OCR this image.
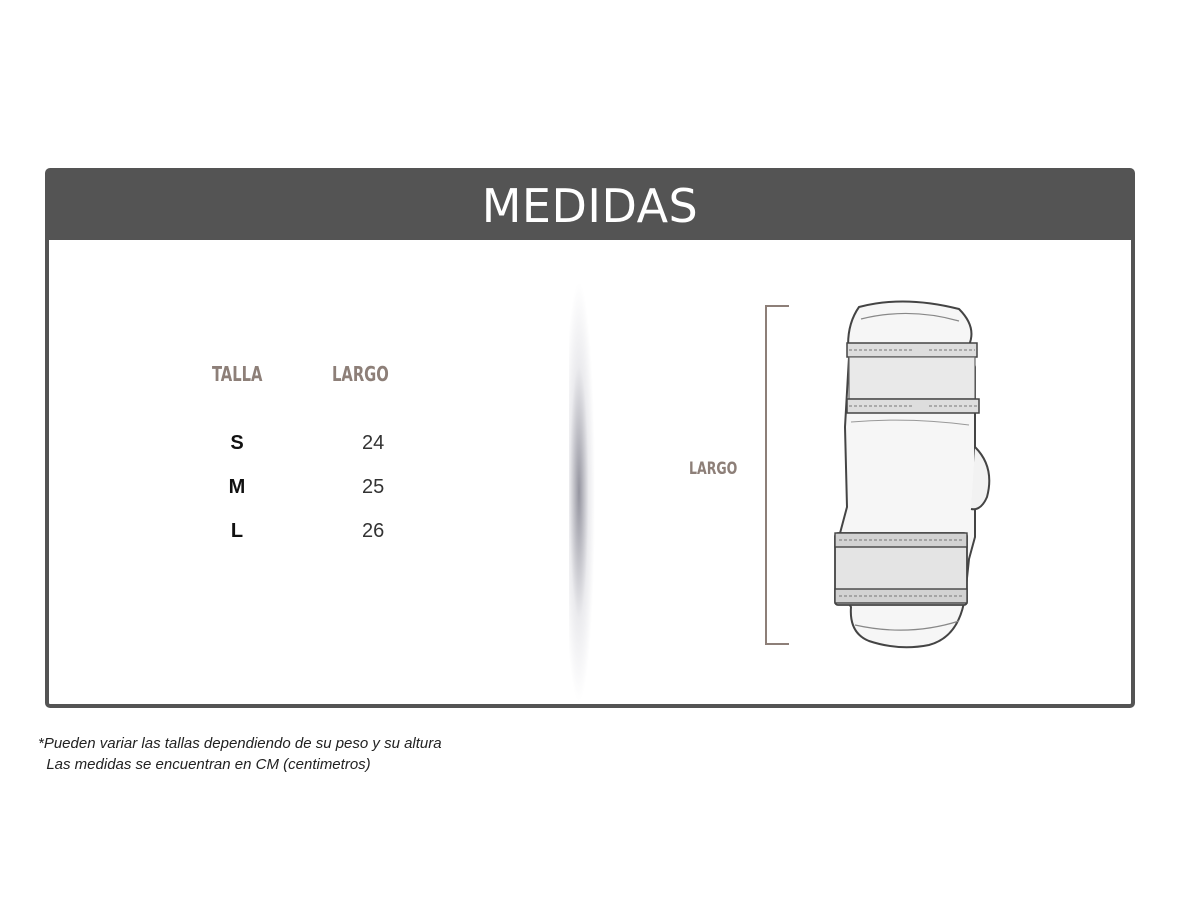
MEDIDAS
TALLA	LARGO
S	24
M	25
L	26
LARGO
*Pueden variar las tallas dependiendo de su peso y su altura
Las medidas se encuentran en CM (centimetros)
